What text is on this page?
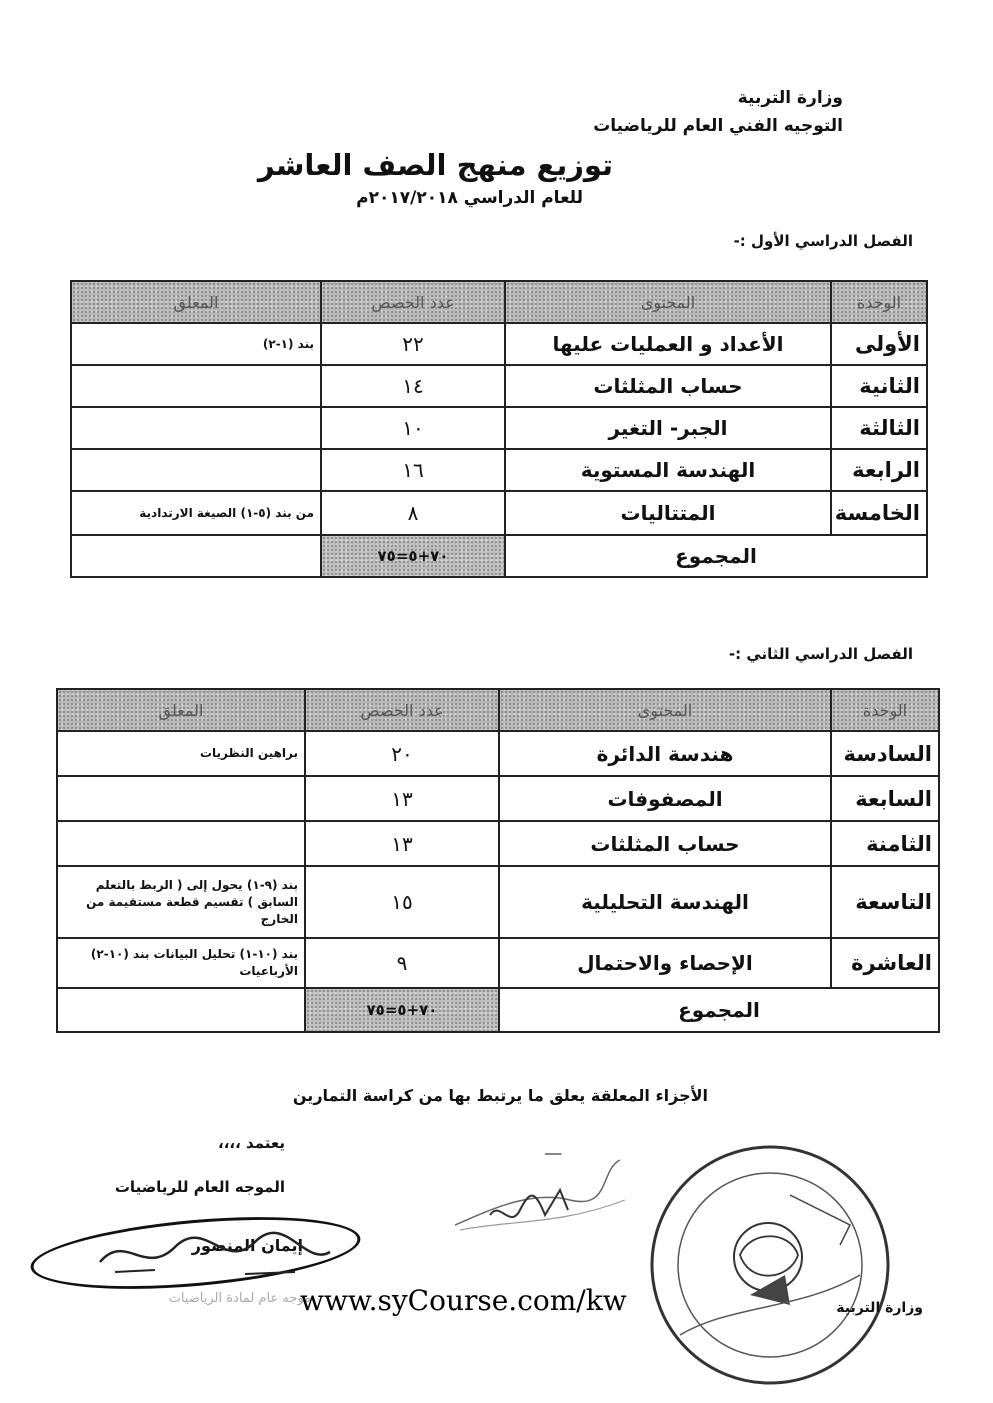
وزارة التربية
التوجيه الفني العام للرياضيات
توزيع منهج الصف العاشر
للعام الدراسي ٢٠١٧/٢٠١٨م
الفصل الدراسي الأول :-
الوحدة	المحتوى	عدد الحصص	المعلق
الأولى	الأعداد و العمليات عليها	٢٢	بند (١-٢)
الثانية	حساب المثلثات	١٤	
الثالثة	الجبر- التغير	١٠	
الرابعة	الهندسة المستوية	١٦	
الخامسة	المتتاليات	٨	من بند (٥-١) الصيغة الارتدادية
المجموع		٧٠+٥=٧٥	
الفصل الدراسي الثاني :-
الوحدة	المحتوى	عدد الحصص	المعلق
السادسة	هندسة الدائرة	٢٠	براهين النظريات
السابعة	المصفوفات	١٣	
الثامنة	حساب المثلثات	١٣	
التاسعة	الهندسة التحليلية	١٥	بند (٩-١) يحول إلى ( الربط بالتعلم السابق ) تقسيم قطعة مستقيمة من الخارج
العاشرة	الإحصاء والاحتمال	٩	بند (١٠-١) تحليل البيانات بند (١٠-٢) الأرباعيات
المجموع		٧٠+٥=٧٥	
الأجزاء المعلقة يعلق ما يرتبط بها من كراسة التمارين
يعتمد ،،،،
الموجه العام للرياضيات
إيمان المنصور
ـــ
موجه عام لمادة الرياضيات
www.syCourse.com/kw	وزارة التربية
